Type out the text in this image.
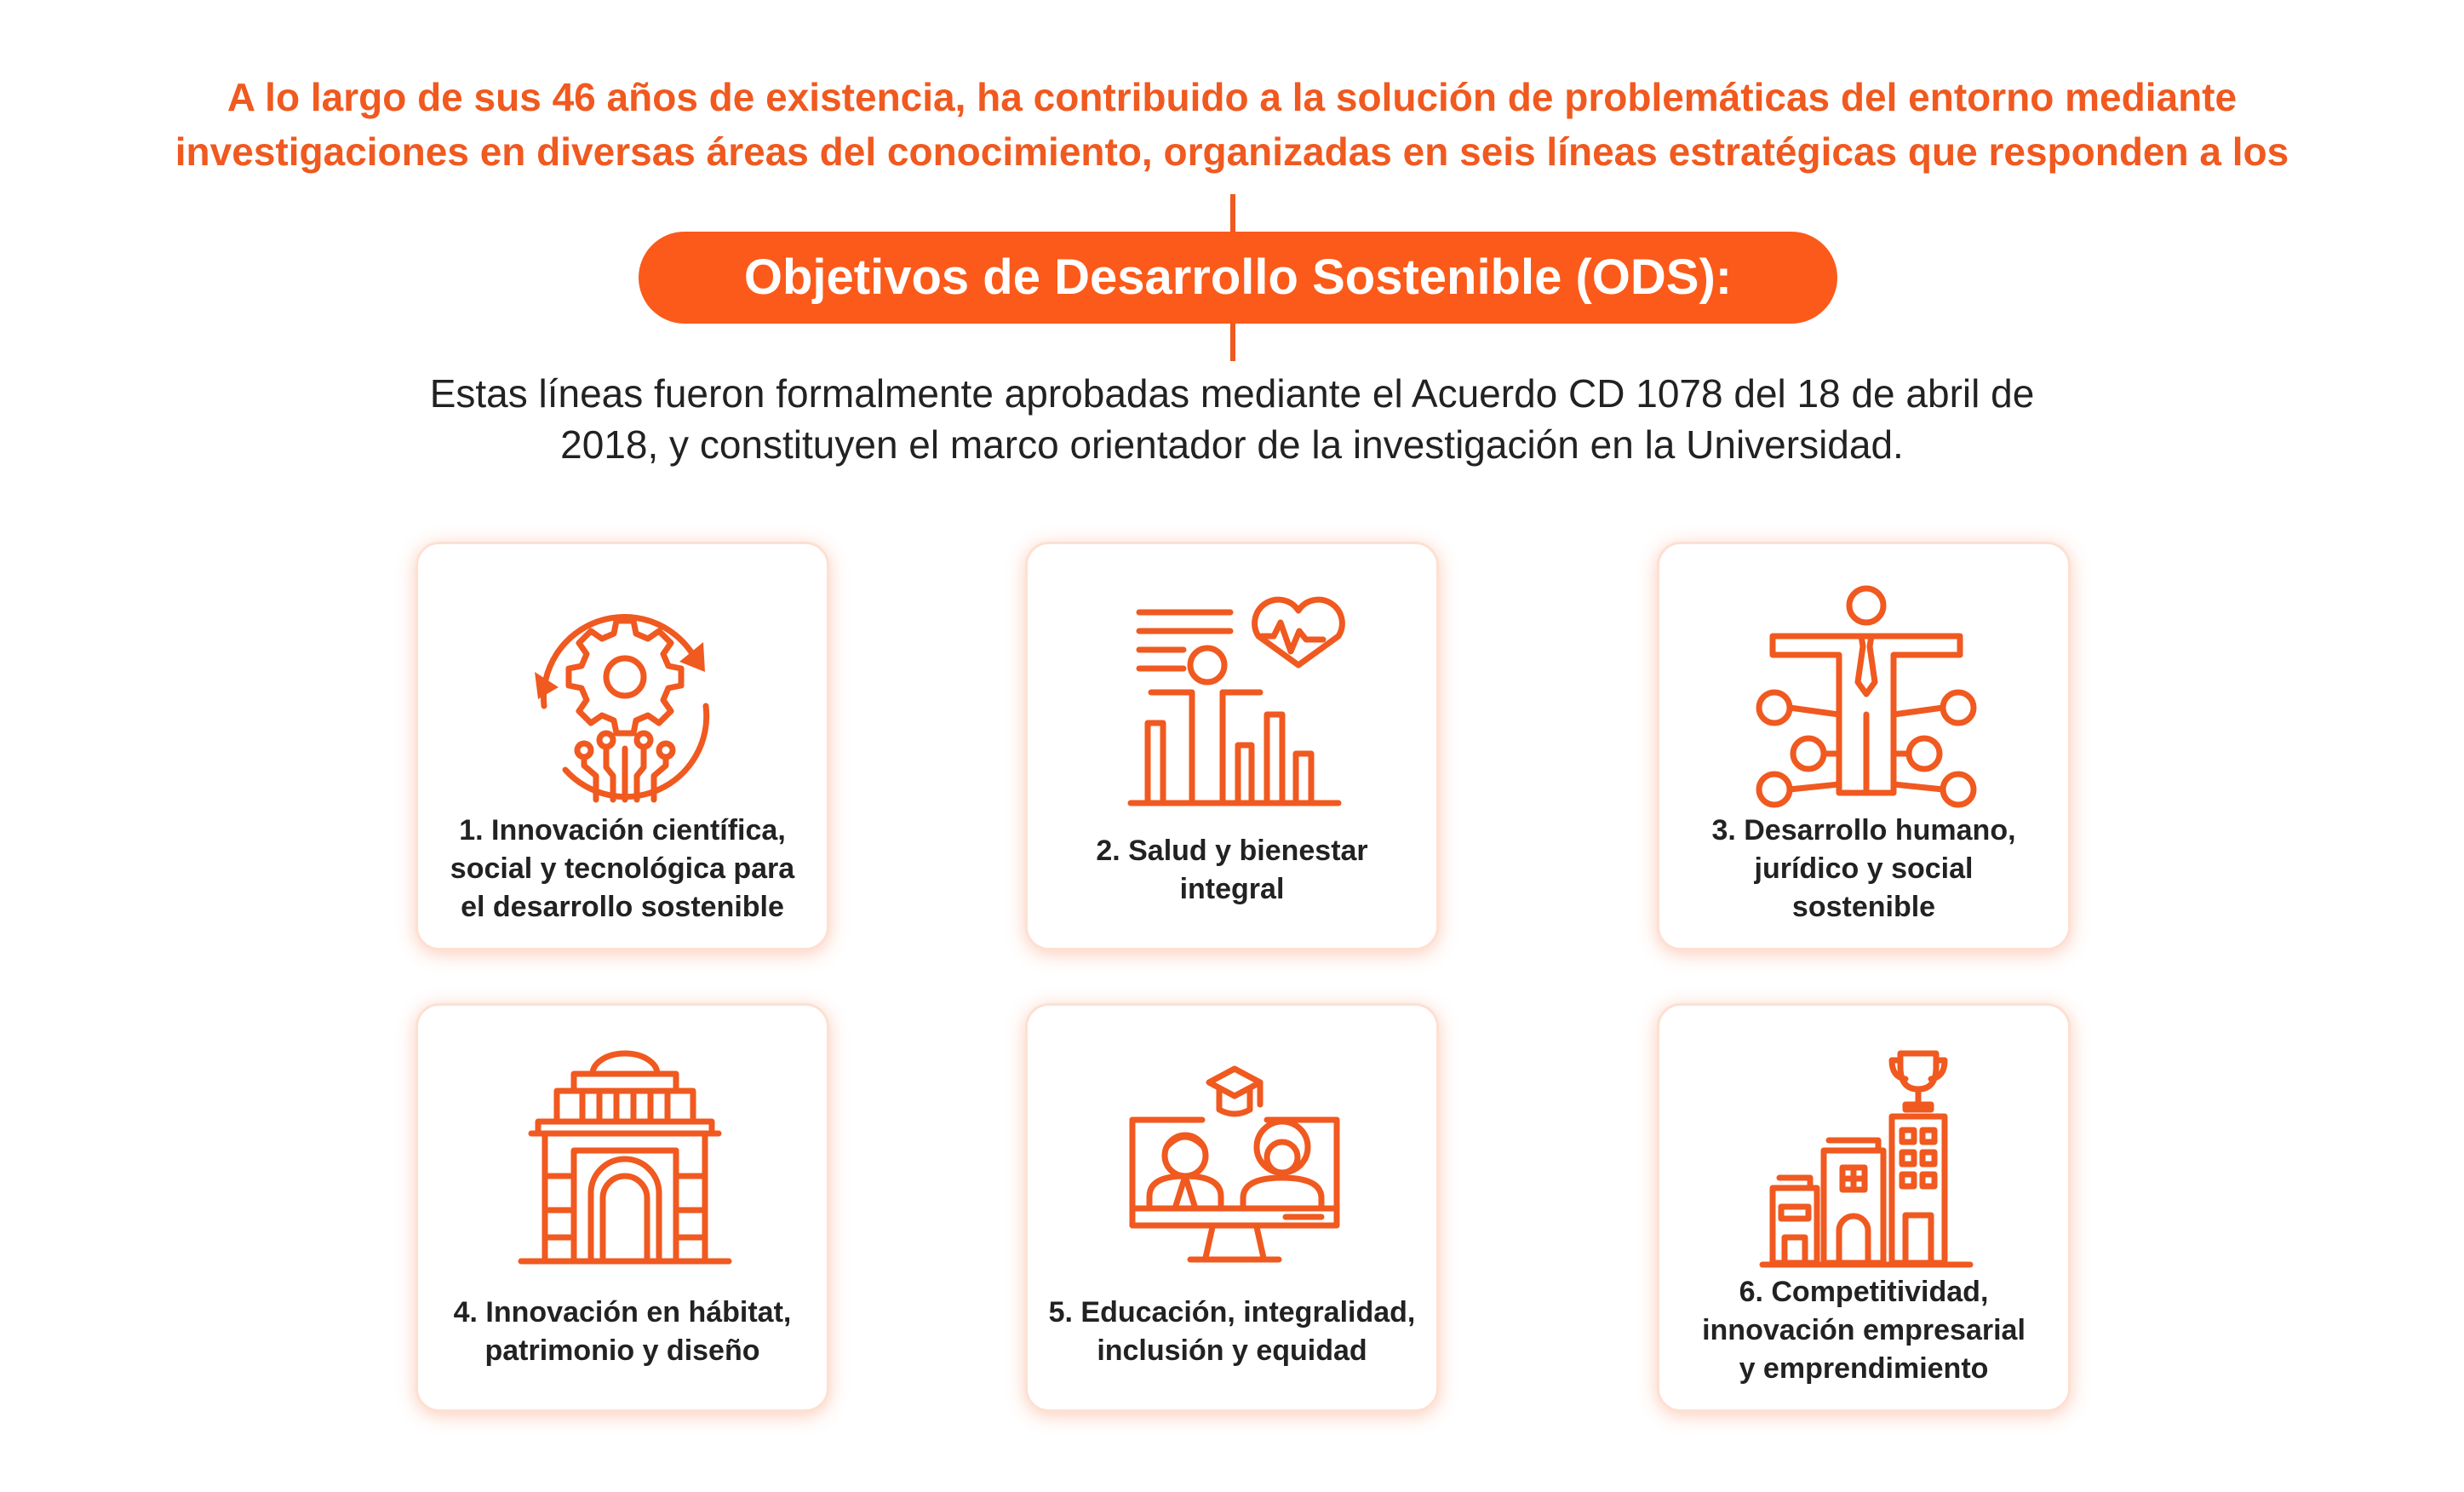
A lo largo de sus 46 años de existencia, ha contribuido a la solución de problemáticas del entorno mediante
investigaciones en diversas áreas del conocimiento, organizadas en seis líneas estratégicas que responden a los
Objetivos de Desarrollo Sostenible (ODS):
Estas líneas fueron formalmente aprobadas mediante el Acuerdo CD 1078 del 18 de abril de
2018, y constituyen el marco orientador de la investigación en la Universidad.
1. Innovación científica,
social y tecnológica para
el desarrollo sostenible
2. Salud y bienestar
integral
3. Desarrollo humano,
jurídico y social
sostenible
4. Innovación en hábitat,
patrimonio y diseño
5. Educación, integralidad,
inclusión y equidad
6. Competitividad,
innovación empresarial
y emprendimiento
